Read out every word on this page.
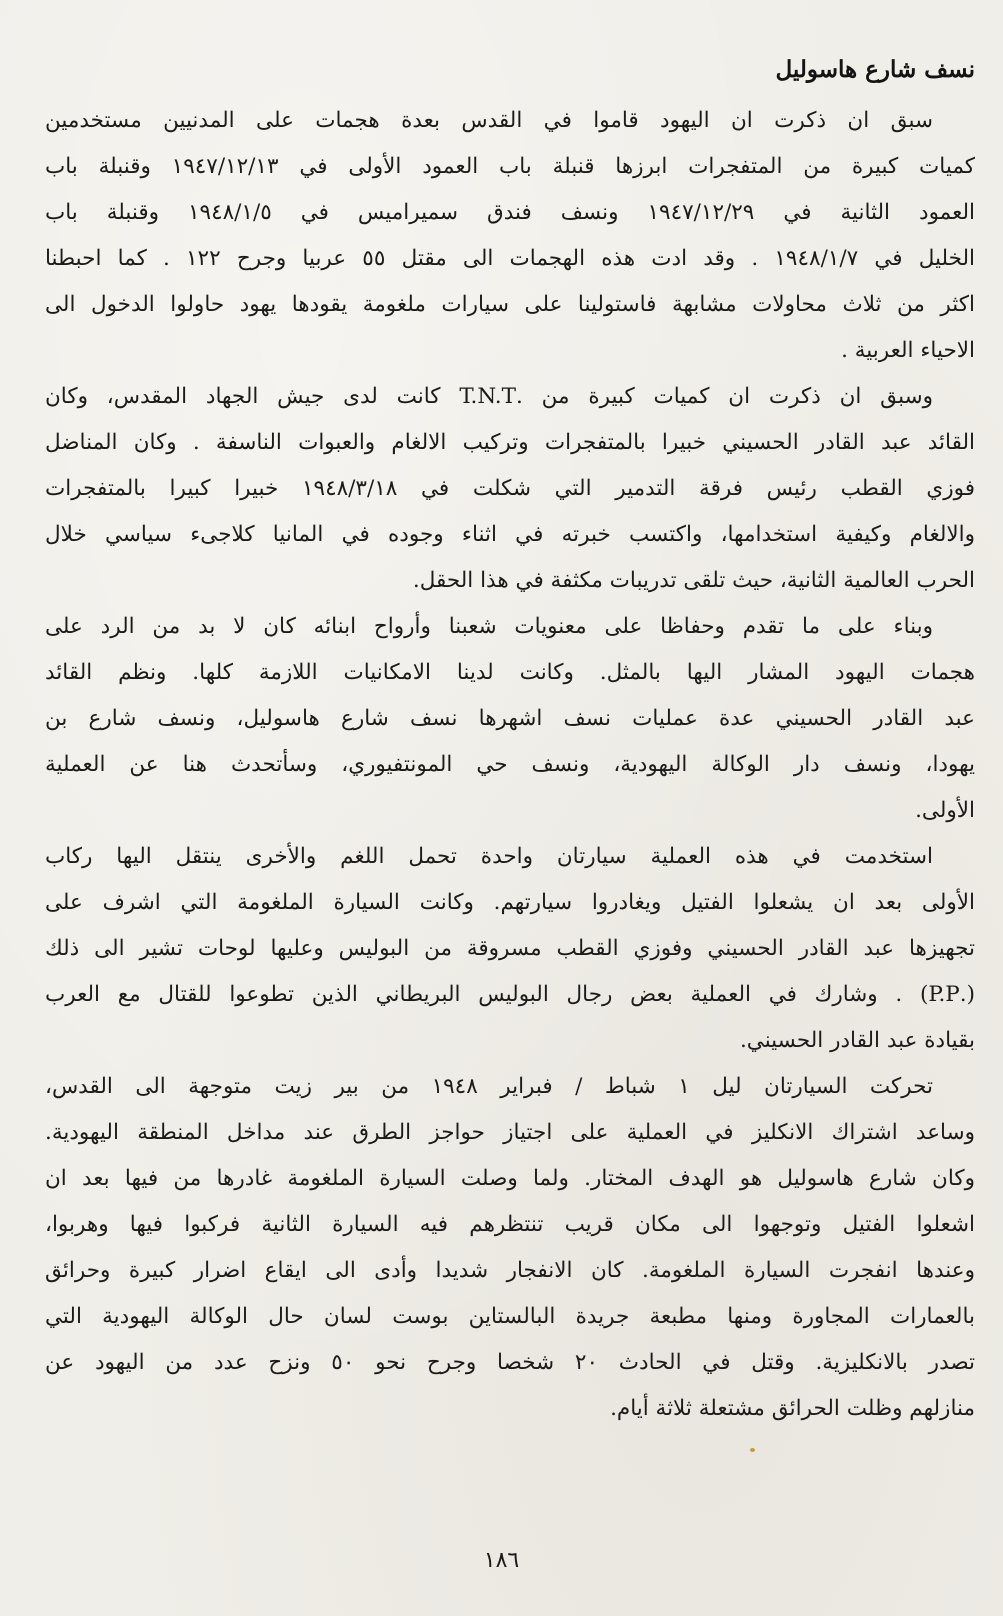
نسف شارع هاسوليل

سبق ان ذكرت ان اليهود قاموا في القدس بعدة هجمات على المدنيين مستخدمين
كميات كبيرة من المتفجرات ابرزها قنبلة باب العمود الأولى في ١٩٤٧/١٢/١٣ وقنبلة باب
العمود الثانية في ١٩٤٧/١٢/٢٩ ونسف فندق سميراميس في ١٩٤٨/١/٥ وقنبلة باب
الخليل في ١٩٤٨/١/٧ . وقد ادت هذه الهجمات الى مقتل ٥٥ عربيا وجرح ١٢٢ . كما احبطنا
اكثر من ثلاث محاولات مشابهة فاستولينا على سيارات ملغومة يقودها يهود حاولوا الدخول الى
الاحياء العربية .

وسبق ان ذكرت ان كميات كبيرة من .T.N.T كانت لدى جيش الجهاد المقدس، وكان
القائد عبد القادر الحسيني خبيرا بالمتفجرات وتركيب الالغام والعبوات الناسفة . وكان المناضل
فوزي القطب رئيس فرقة التدمير التي شكلت في ١٩٤٨/٣/١٨ خبيرا كبيرا بالمتفجرات
والالغام وكيفية استخدامها، واكتسب خبرته في اثناء وجوده في المانيا كلاجىء سياسي خلال
الحرب العالمية الثانية، حيث تلقى تدريبات مكثفة في هذا الحقل.

وبناء على ما تقدم وحفاظا على معنويات شعبنا وأرواح ابنائه كان لا بد من الرد على
هجمات اليهود المشار اليها بالمثل. وكانت لدينا الامكانيات اللازمة كلها. ونظم القائد
عبد القادر الحسيني عدة عمليات نسف اشهرها نسف شارع هاسوليل، ونسف شارع بن
يهودا، ونسف دار الوكالة اليهودية، ونسف حي المونتفيوري، وسأتحدث هنا عن العملية
الأولى.

استخدمت في هذه العملية سيارتان واحدة تحمل اللغم والأخرى ينتقل اليها ركاب
الأولى بعد ان يشعلوا الفتيل ويغادروا سيارتهم. وكانت السيارة الملغومة التي اشرف على
تجهيزها عبد القادر الحسيني وفوزي القطب مسروقة من البوليس وعليها لوحات تشير الى ذلك
(.P.P) . وشارك في العملية بعض رجال البوليس البريطاني الذين تطوعوا للقتال مع العرب
بقيادة عبد القادر الحسيني.

تحركت السيارتان ليل ١ شباط / فبراير ١٩٤٨ من بير زيت متوجهة الى القدس،
وساعد اشتراك الانكليز في العملية على اجتياز حواجز الطرق عند مداخل المنطقة اليهودية.
وكان شارع هاسوليل هو الهدف المختار. ولما وصلت السيارة الملغومة غادرها من فيها بعد ان
اشعلوا الفتيل وتوجهوا الى مكان قريب تنتظرهم فيه السيارة الثانية فركبوا فيها وهربوا،
وعندها انفجرت السيارة الملغومة. كان الانفجار شديدا وأدى الى ايقاع اضرار كبيرة وحرائق
بالعمارات المجاورة ومنها مطبعة جريدة البالستاين بوست لسان حال الوكالة اليهودية التي
تصدر بالانكليزية. وقتل في الحادث ٢٠ شخصا وجرح نحو ٥٠ ونزح عدد من اليهود عن
منازلهم وظلت الحرائق مشتعلة ثلاثة أيام.

١٨٦
